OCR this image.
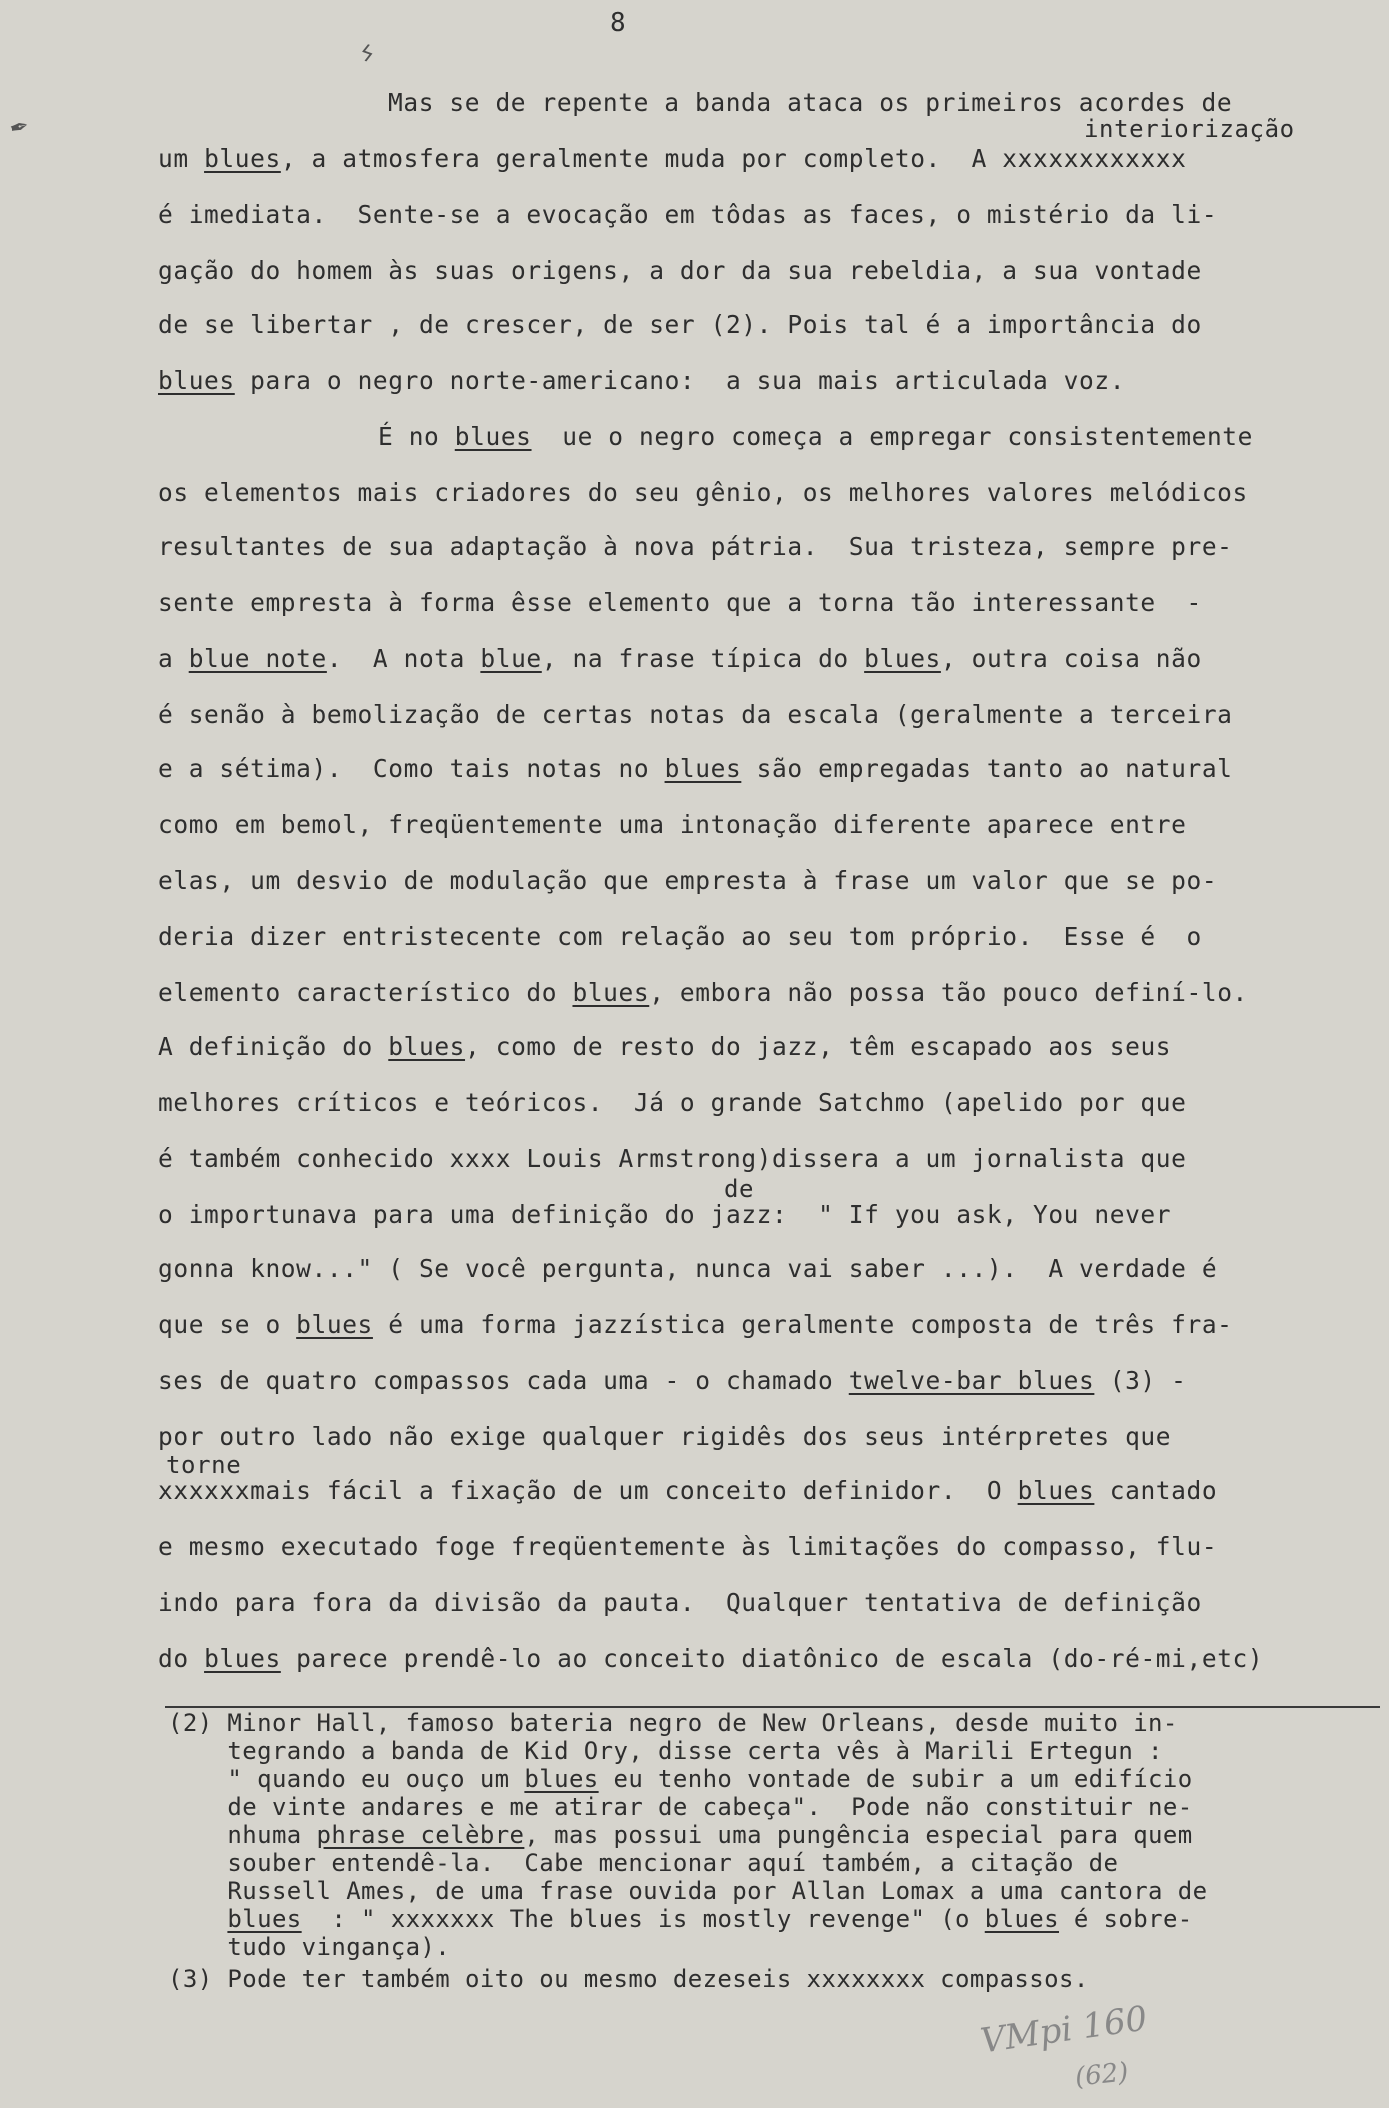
8
✒
ϟ
Mas se de repente a banda ataca os primeiros acordes de
interiorização
um blues, a atmosfera geralmente muda por completo.  A xxxxxxxxxxxx
é imediata.  Sente-se a evocação em tôdas as faces, o mistério da li-
gação do homem às suas origens, a dor da sua rebeldia, a sua vontade
de se libertar , de crescer, de ser (2). Pois tal é a importância do
blues para o negro norte-americano:  a sua mais articulada voz.
É no blues  ue o negro começa a empregar consistentemente
os elementos mais criadores do seu gênio, os melhores valores melódicos
resultantes de sua adaptação à nova pátria.  Sua tristeza, sempre pre-
sente empresta à forma êsse elemento que a torna tão interessante  -
a blue note.  A nota blue, na frase típica do blues, outra coisa não
é senão à bemolização de certas notas da escala (geralmente a terceira
e a sétima).  Como tais notas no blues são empregadas tanto ao natural
como em bemol, freqüentemente uma intonação diferente aparece entre
elas, um desvio de modulação que empresta à frase um valor que se po-
deria dizer entristecente com relação ao seu tom próprio.  Esse é  o
elemento característico do blues, embora não possa tão pouco definí-lo.
A definição do blues, como de resto do jazz, têm escapado aos seus
melhores críticos e teóricos.  Já o grande Satchmo (apelido por que
é também conhecido xxxx Louis Armstrong)dissera a um jornalista que
de
o importunava para uma definição do jazz:  " If you ask, You never
gonna know..." ( Se você pergunta, nunca vai saber ...).  A verdade é
que se o blues é uma forma jazzística geralmente composta de três fra-
ses de quatro compassos cada uma - o chamado twelve-bar blues (3) -
por outro lado não exige qualquer rigidês dos seus intérpretes que
torne
xxxxxxmais fácil a fixação de um conceito definidor.  O blues cantado
e mesmo executado foge freqüentemente às limitações do compasso, flu-
indo para fora da divisão da pauta.  Qualquer tentativa de definição
do blues parece prendê-lo ao conceito diatônico de escala (do-ré-mi,etc)
(2) Minor Hall, famoso bateria negro de New Orleans, desde muito in-
tegrando a banda de Kid Ory, disse certa vês à Marili Ertegun :
" quando eu ouço um blues eu tenho vontade de subir a um edifício
de vinte andares e me atirar de cabeça".  Pode não constituir ne-
nhuma phrase celèbre, mas possui uma pungência especial para quem
souber entendê-la.  Cabe mencionar aquí também, a citação de
Russell Ames, de uma frase ouvida por Allan Lomax a uma cantora de
blues  : " xxxxxxx The blues is mostly revenge" (o blues é sobre-
tudo vingança).
(3) Pode ter também oito ou mesmo dezeseis xxxxxxxx compassos.
VMpi 160
(62)
